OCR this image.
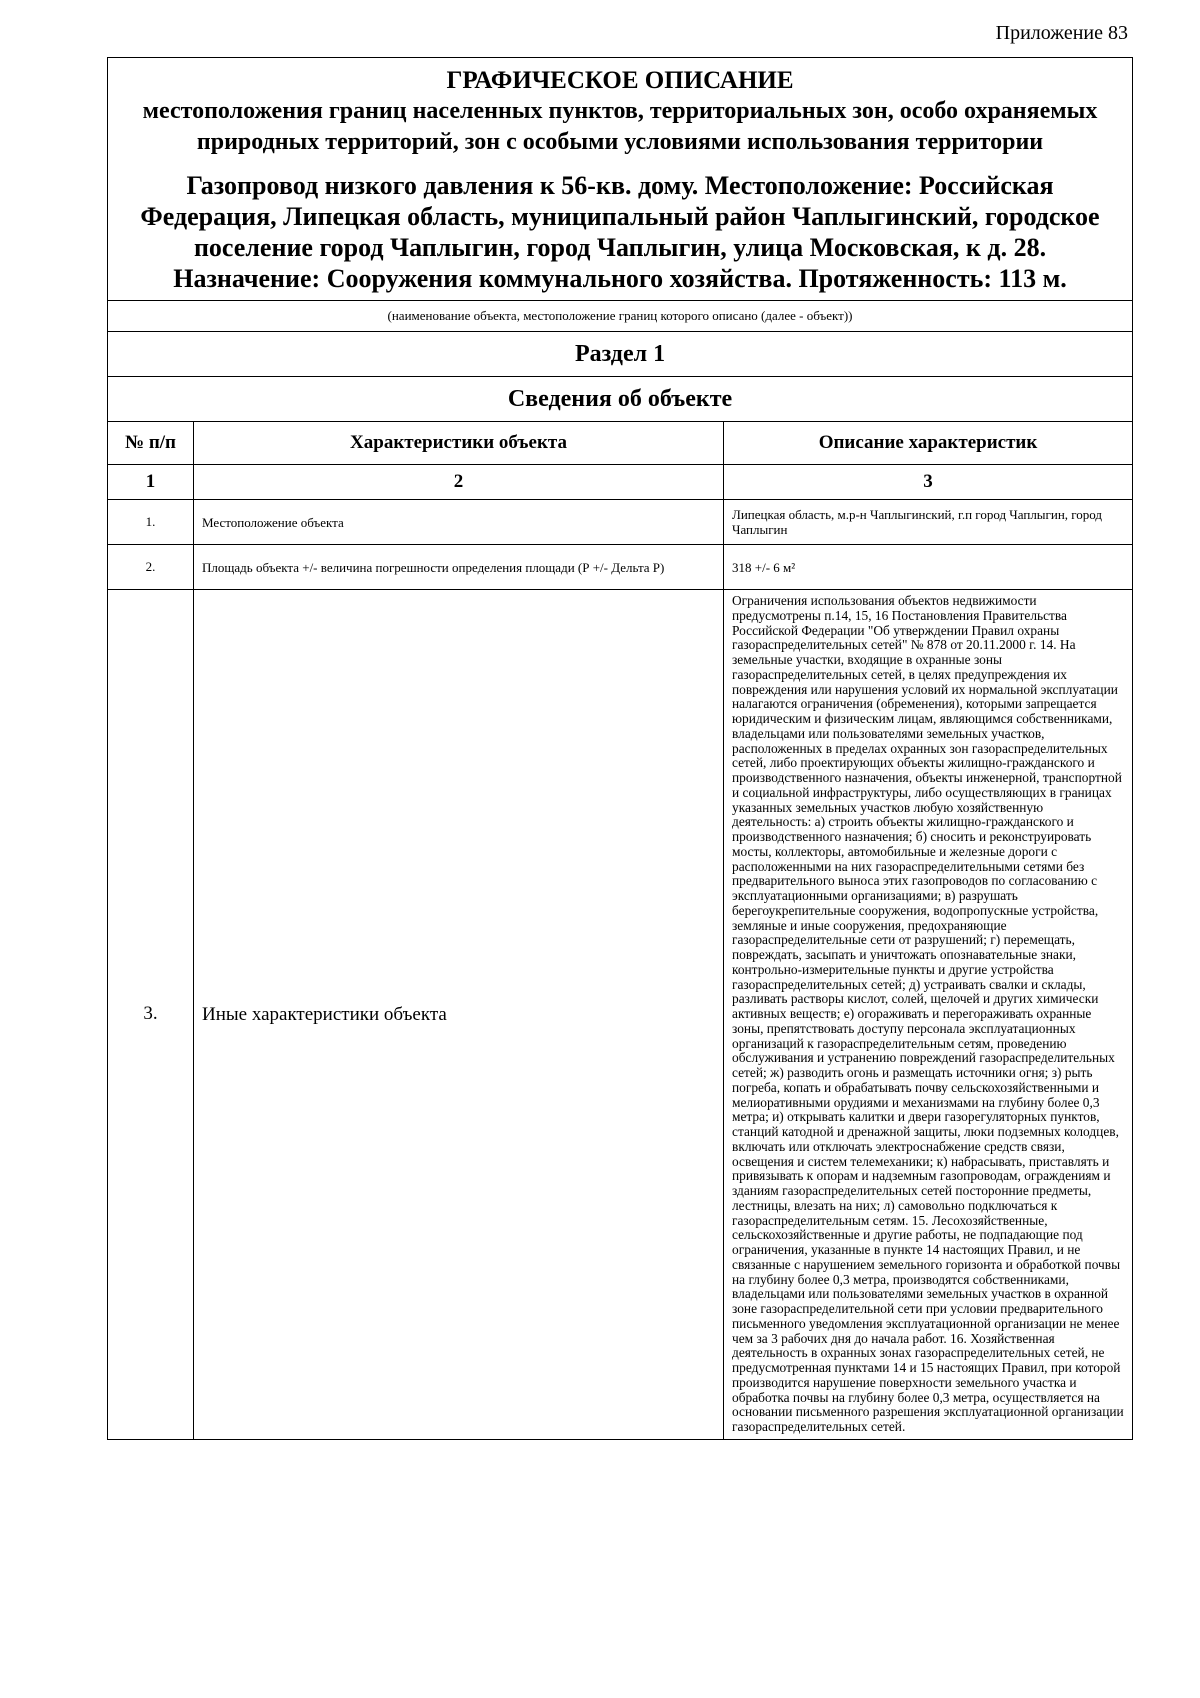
Приложение 83
ГРАФИЧЕСКОЕ ОПИСАНИЕ
местоположения границ населенных пунктов, территориальных зон, особо охраняемых природных территорий, зон с особыми условиями использования территории
Газопровод низкого давления к 56-кв. дому. Местоположение: Российская Федерация, Липецкая область, муниципальный район Чаплыгинский, городское поселение город Чаплыгин, город Чаплыгин, улица Московская, к д. 28. Назначение: Сооружения коммунального хозяйства. Протяженность: 113 м.		

(наименование объекта, местоположение границ которого описано (далее - объект))		
Раздел 1		
Сведения об объекте		
№ п/п	Характеристики объекта	Описание характеристик
1	2	3
1.	Местоположение объекта	Липецкая область, м.р-н Чаплыгинский, г.п город Чаплыгин, город Чаплыгин
2.	Площадь объекта +/- величина погрешности определения площади (Р +/- Дельта Р)	318 +/- 6 м²
3.	Иные характеристики объекта	Ограничения использования объектов недвижимости предусмотрены п.14, 15, 16 Постановления Правительства Российской Федерации "Об утверждении Правил охраны газораспределительных сетей" № 878 от 20.11.2000 г. 14. На земельные участки, входящие в охранные зоны газораспределительных сетей, в целях предупреждения их повреждения или нарушения условий их нормальной эксплуатации налагаются ограничения (обременения), которыми запрещается юридическим и физическим лицам, являющимся собственниками, владельцами или пользователями земельных участков, расположенных в пределах охранных зон газораспределительных сетей, либо проектирующих объекты жилищно-гражданского и производственного назначения, объекты инженерной, транспортной и социальной инфраструктуры, либо осуществляющих в границах указанных земельных участков любую хозяйственную деятельность: а) строить объекты жилищно-гражданского и производственного назначения; б) сносить и реконструировать мосты, коллекторы, автомобильные и железные дороги с расположенными на них газораспределительными сетями без предварительного выноса этих газопроводов по согласованию с эксплуатационными организациями; в) разрушать берегоукрепительные сооружения, водопропускные устройства, земляные и иные сооружения, предохраняющие газораспределительные сети от разрушений; г) перемещать, повреждать, засыпать и уничтожать опознавательные знаки, контрольно-измерительные пункты и другие устройства газораспределительных сетей; д) устраивать свалки и склады, разливать растворы кислот, солей, щелочей и других химически активных веществ; е) огораживать и перегораживать охранные зоны, препятствовать доступу персонала эксплуатационных организаций к газораспределительным сетям, проведению обслуживания и устранению повреждений газораспределительных сетей; ж) разводить огонь и размещать источники огня; з) рыть погреба, копать и обрабатывать почву сельскохозяйственными и мелиоративными орудиями и механизмами на глубину более 0,3 метра; и) открывать калитки и двери газорегуляторных пунктов, станций катодной и дренажной защиты, люки подземных колодцев, включать или отключать электроснабжение средств связи, освещения и систем телемеханики; к) набрасывать, приставлять и привязывать к опорам и надземным газопроводам, ограждениям и зданиям газораспределительных сетей посторонние предметы, лестницы, влезать на них; л) самовольно подключаться к газораспределительным сетям. 15. Лесохозяйственные, сельскохозяйственные и другие работы, не подпадающие под ограничения, указанные в пункте 14 настоящих Правил, и не связанные с нарушением земельного горизонта и обработкой почвы на глубину более 0,3 метра, производятся собственниками, владельцами или пользователями земельных участков в охранной зоне газораспределительной сети при условии предварительного письменного уведомления эксплуатационной организации не менее чем за 3 рабочих дня до начала работ. 16. Хозяйственная деятельность в охранных зонах газораспределительных сетей, не предусмотренная пунктами 14 и 15 настоящих Правил, при которой производится нарушение поверхности земельного участка и обработка почвы на глубину более 0,3 метра, осуществляется на основании письменного разрешения эксплуатационной организации газораспределительных сетей.
